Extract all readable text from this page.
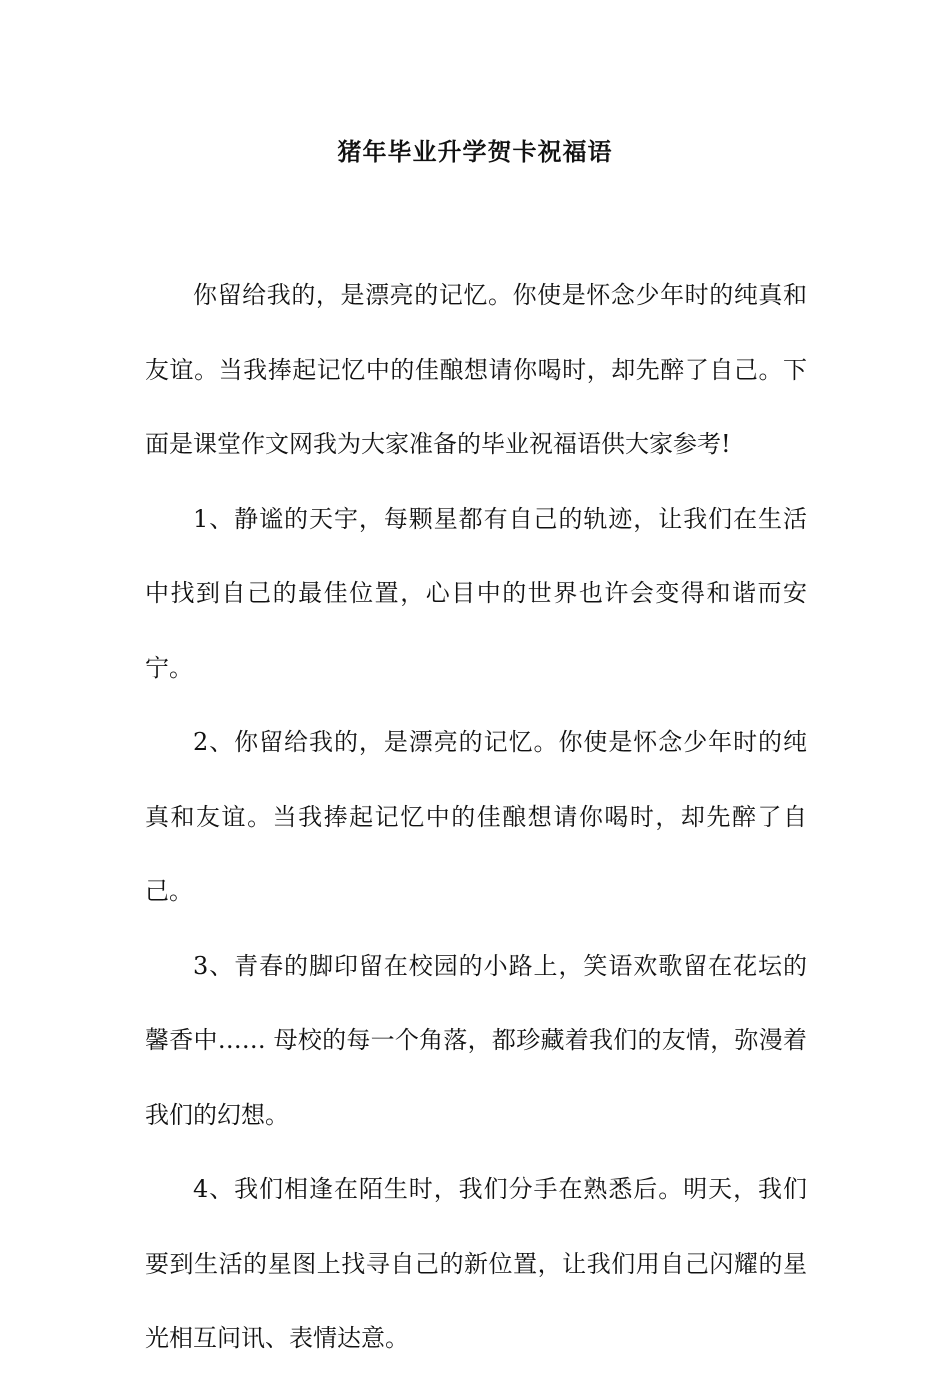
猪年毕业升学贺卡祝福语

你留给我的，是漂亮的记忆。你使是怀念少年时的纯真和友谊。当我捧起记忆中的佳酿想请你喝时，却先醉了自己。下面是课堂作文网我为大家准备的毕业祝福语供大家参考!

1、静谧的天宇，每颗星都有自己的轨迹，让我们在生活中找到自己的最佳位置，心目中的世界也许会变得和谐而安宁。

2、你留给我的，是漂亮的记忆。你使是怀念少年时的纯真和友谊。当我捧起记忆中的佳酿想请你喝时，却先醉了自己。

3、青春的脚印留在校园的小路上，笑语欢歌留在花坛的馨香中…… 母校的每一个角落，都珍藏着我们的友情，弥漫着我们的幻想。

4、我们相逢在陌生时，我们分手在熟悉后。明天，我们要到生活的星图上找寻自己的新位置，让我们用自己闪耀的星光相互问讯、表情达意。
